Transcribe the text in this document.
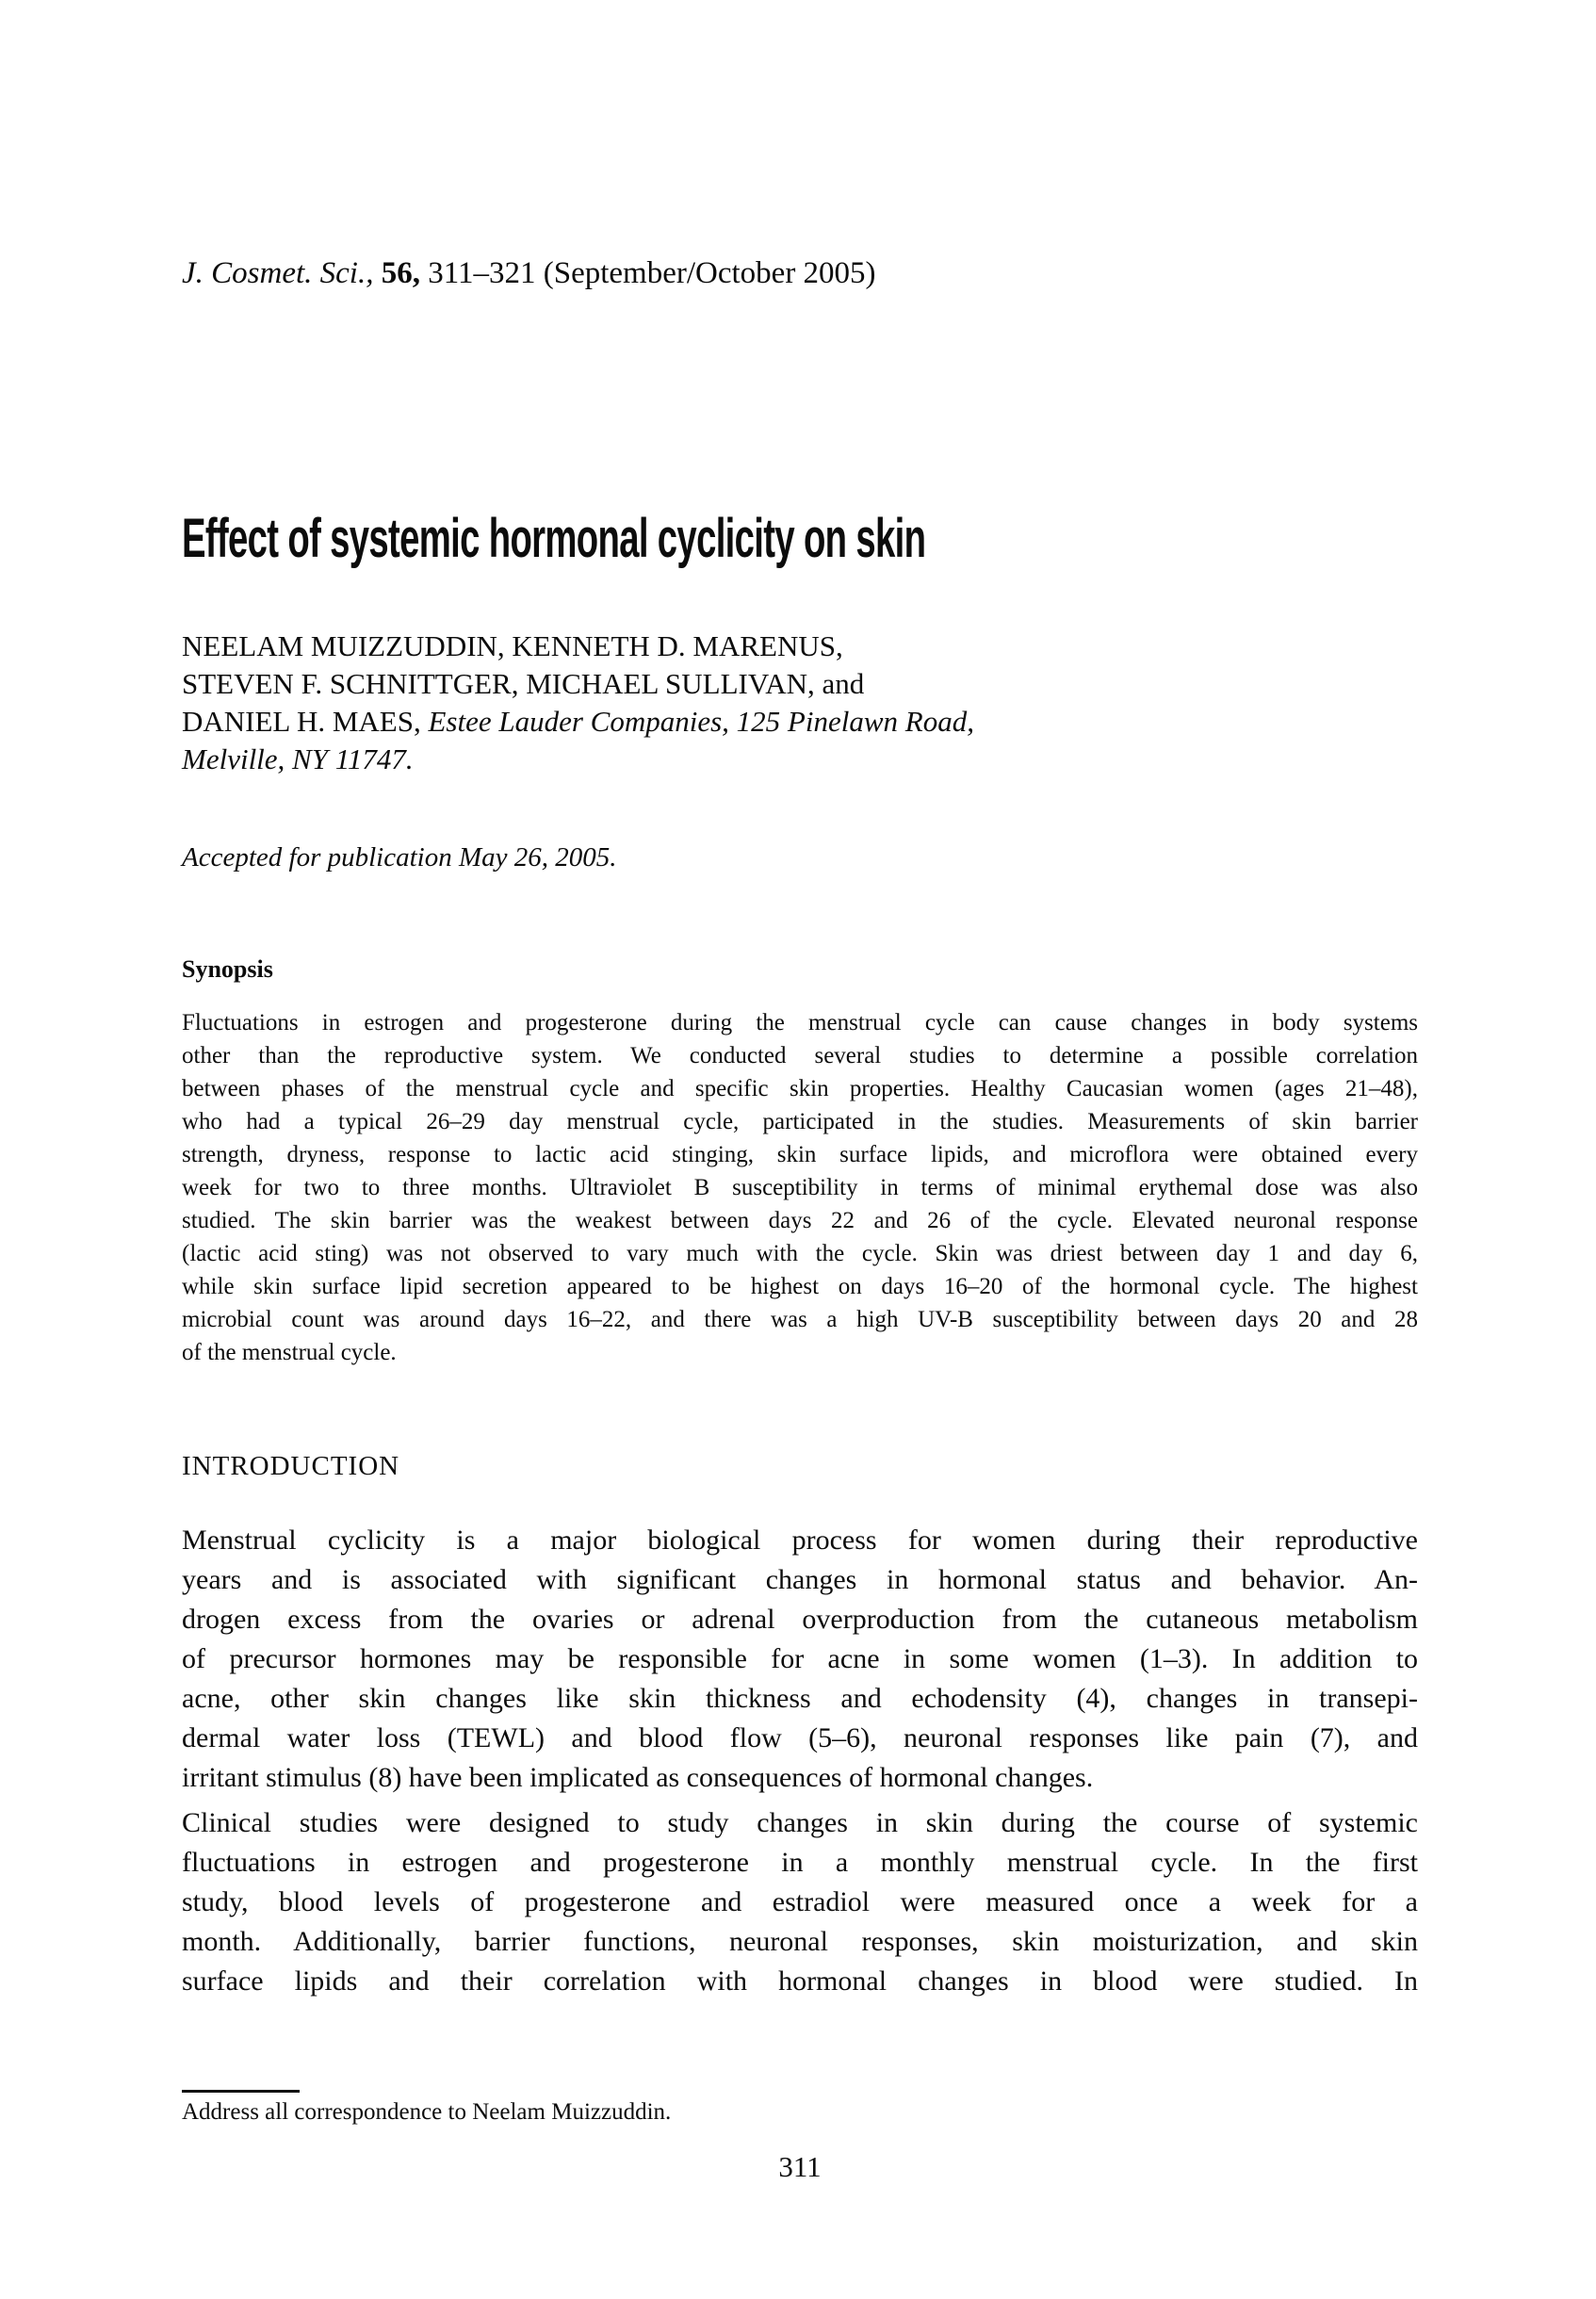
J. Cosmet. Sci., 56, 311–321 (September/October 2005)
Effect of systemic hormonal cyclicity on skin
NEELAM MUIZZUDDIN, KENNETH D. MARENUS,
STEVEN F. SCHNITTGER, MICHAEL SULLIVAN, and
DANIEL H. MAES, Estee Lauder Companies, 125 Pinelawn Road,
Melville, NY 11747.
Accepted for publication May 26, 2005.
Synopsis
Fluctuations in estrogen and progesterone during the menstrual cycle can cause changes in body systems
other than the reproductive system. We conducted several studies to determine a possible correlation
between phases of the menstrual cycle and specific skin properties. Healthy Caucasian women (ages 21–48),
who had a typical 26–29 day menstrual cycle, participated in the studies. Measurements of skin barrier
strength, dryness, response to lactic acid stinging, skin surface lipids, and microflora were obtained every
week for two to three months. Ultraviolet B susceptibility in terms of minimal erythemal dose was also
studied. The skin barrier was the weakest between days 22 and 26 of the cycle. Elevated neuronal response
(lactic acid sting) was not observed to vary much with the cycle. Skin was driest between day 1 and day 6,
while skin surface lipid secretion appeared to be highest on days 16–20 of the hormonal cycle. The highest
microbial count was around days 16–22, and there was a high UV-B susceptibility between days 20 and 28
of the menstrual cycle.
INTRODUCTION
Menstrual cyclicity is a major biological process for women during their reproductive
years and is associated with significant changes in hormonal status and behavior. An-
drogen excess from the ovaries or adrenal overproduction from the cutaneous metabolism
of precursor hormones may be responsible for acne in some women (1–3). In addition to
acne, other skin changes like skin thickness and echodensity (4), changes in transepi-
dermal water loss (TEWL) and blood flow (5–6), neuronal responses like pain (7), and
irritant stimulus (8) have been implicated as consequences of hormonal changes.
Clinical studies were designed to study changes in skin during the course of systemic
fluctuations in estrogen and progesterone in a monthly menstrual cycle. In the first
study, blood levels of progesterone and estradiol were measured once a week for a
month. Additionally, barrier functions, neuronal responses, skin moisturization, and skin
surface lipids and their correlation with hormonal changes in blood were studied. In
Address all correspondence to Neelam Muizzuddin.
311
